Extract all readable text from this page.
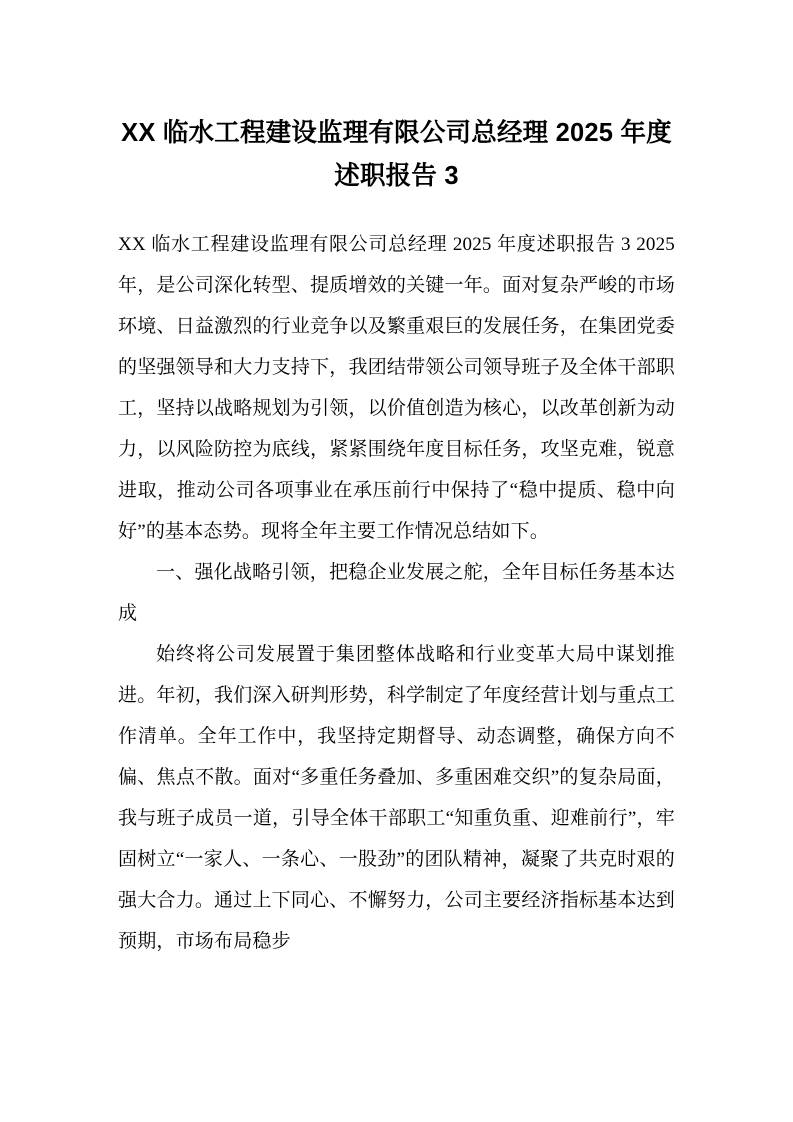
XX 临水工程建设监理有限公司总经理 2025 年度述职报告 3

XX 临水工程建设监理有限公司总经理 2025 年度述职报告 3 2025 年，是公司深化转型、提质增效的关键一年。面对复杂严峻的市场环境、日益激烈的行业竞争以及繁重艰巨的发展任务，在集团党委的坚强领导和大力支持下，我团结带领公司领导班子及全体干部职工，坚持以战略规划为引领，以价值创造为核心，以改革创新为动力，以风险防控为底线，紧紧围绕年度目标任务，攻坚克难，锐意进取，推动公司各项事业在承压前行中保持了“稳中提质、稳中向好”的基本态势。现将全年主要工作情况总结如下。

一、强化战略引领，把稳企业发展之舵，全年目标任务基本达成

始终将公司发展置于集团整体战略和行业变革大局中谋划推进。年初，我们深入研判形势，科学制定了年度经营计划与重点工作清单。全年工作中，我坚持定期督导、动态调整，确保方向不偏、焦点不散。面对“多重任务叠加、多重困难交织”的复杂局面，我与班子成员一道，引导全体干部职工“知重负重、迎难前行”，牢固树立“一家人、一条心、一股劲”的团队精神，凝聚了共克时艰的强大合力。通过上下同心、不懈努力，公司主要经济指标基本达到预期，市场布局稳步
